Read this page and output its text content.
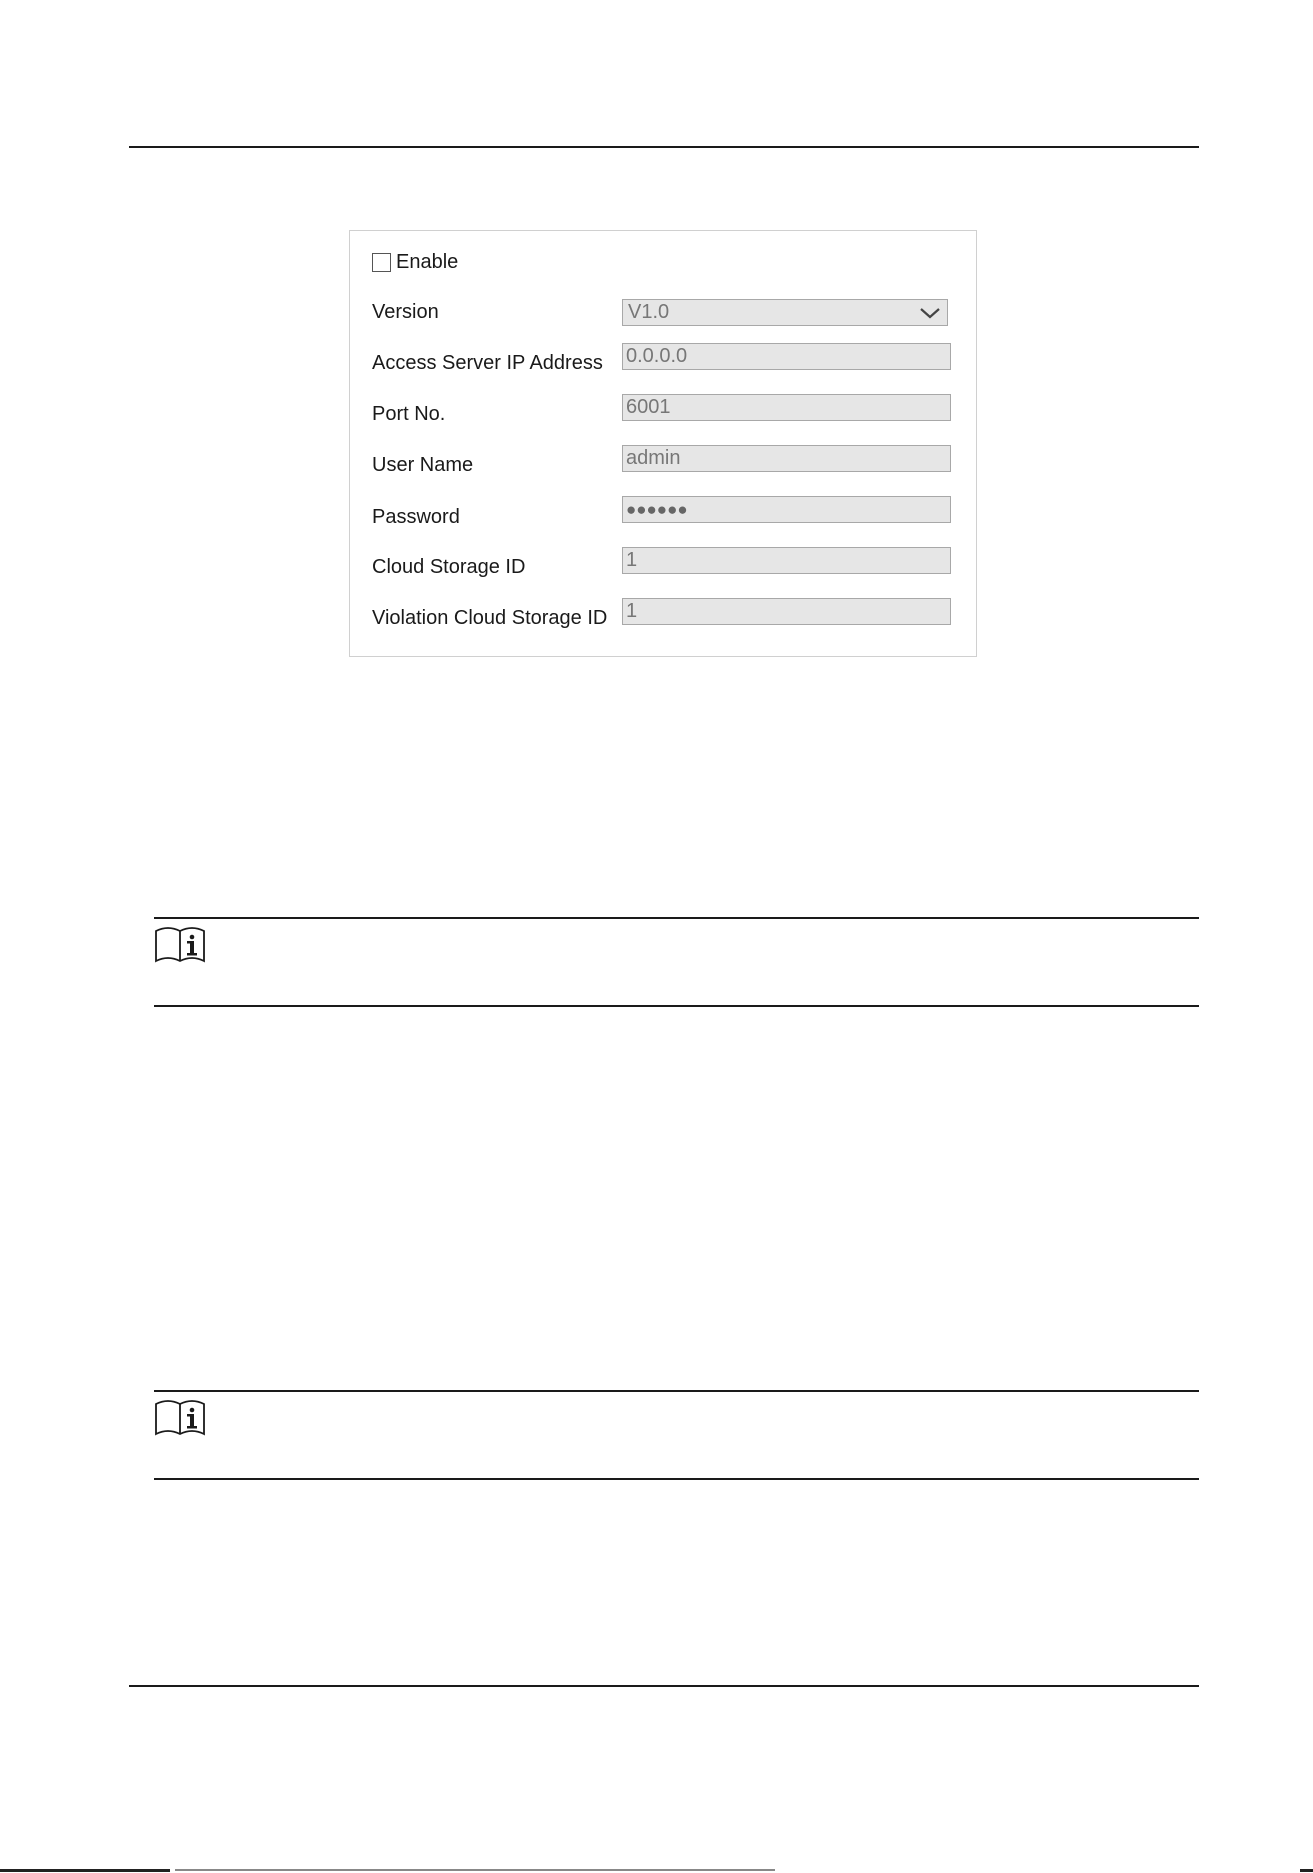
Enable
Version	V1.0
Access Server IP Address
0.0.0.0
Port No.
6001
User Name
admin
Password
●●●●●●
Cloud Storage ID
1
Violation Cloud Storage ID
1
